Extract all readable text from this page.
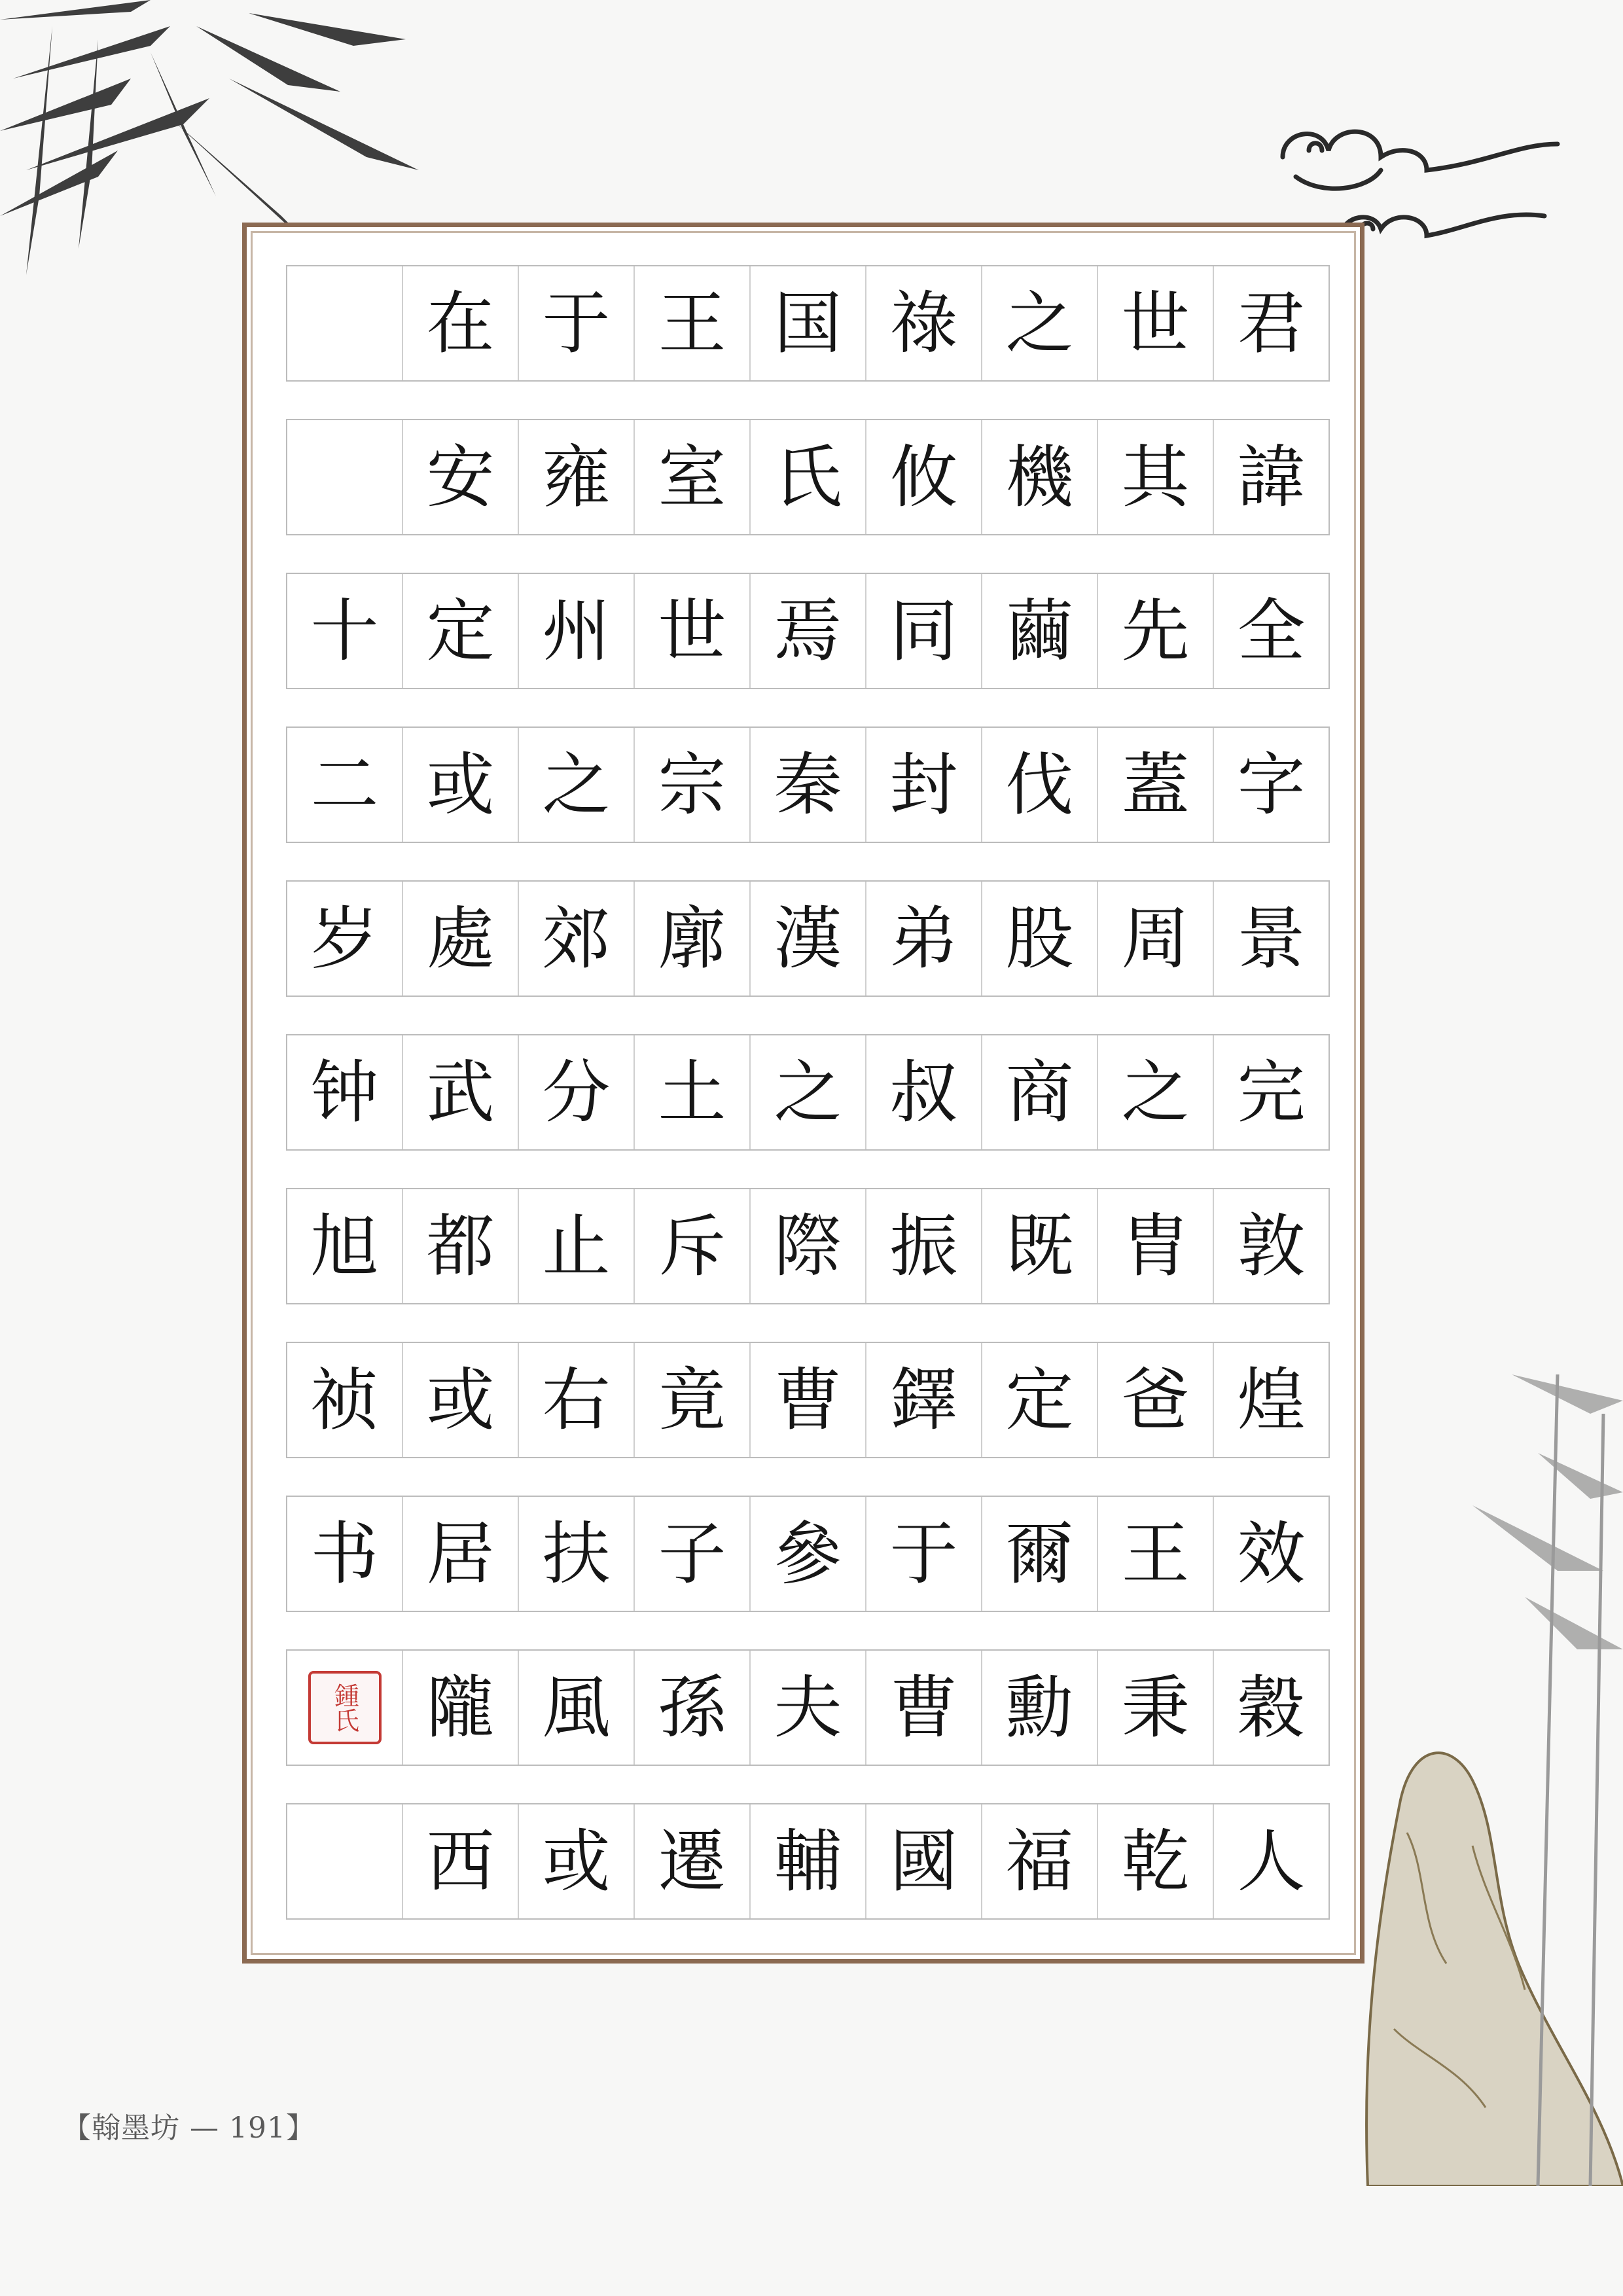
在 于 王 国 祿 之 世 君
安 雍 室 氏 攸 機 其 諱
十 定 州 世 焉 同 繭 先 全
二 或 之 宗 秦 封 伐 蓋 字
岁 處 郊 廓 漢 弟 股 周 景
钟 武 分 土 之 叔 商 之 完
旭 都 止 斥 際 振 既 胄 敦
祯 或 右 竟 曹 鐸 定 爸 煌
书 居 扶 子 參 于 爾 王 效
鍾氏 隴 風 孫 夫 曹 勳 秉 穀
西 或 遷 輔 國 福 乾 人
【翰墨坊 — 191】
